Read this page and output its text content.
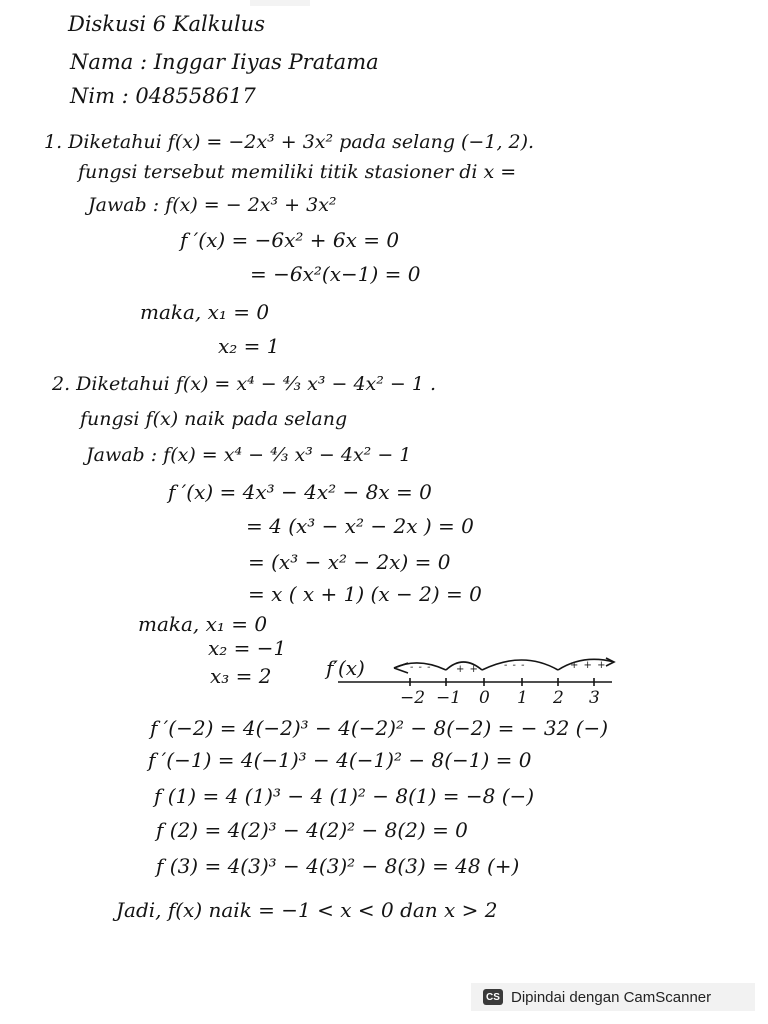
Diskusi 6 Kalkulus
Nama : Inggar Iiyas Pratama
Nim : 048558617
1. Diketahui f(x) = −2x³ + 3x² pada selang (−1, 2).
fungsi tersebut memiliki titik stasioner di x =
Jawab : f(x) = − 2x³ + 3x²
f ′(x) = −6x² + 6x = 0
= −6x²(x−1) = 0
maka, x₁ = 0
x₂ = 1
2. Diketahui f(x) = x⁴ − ⁴⁄₃ x³ − 4x² − 1 .
fungsi f(x) naik pada selang
Jawab : f(x) = x⁴ − ⁴⁄₃ x³ − 4x² − 1
f ′(x) = 4x³ − 4x² − 8x = 0
= 4 (x³ − x² − 2x ) = 0
= (x³ − x² − 2x) = 0
= x ( x + 1) (x − 2) = 0
maka, x₁ = 0
x₂ = −1
x₃ = 2	f′(x)	- - - + +	- - -	+ + +
−2 −1 0 1 2 3
f ′(−2) = 4(−2)³ − 4(−2)² − 8(−2) = − 32 (−)
f ′(−1) = 4(−1)³ − 4(−1)² − 8(−1) = 0
f (1) = 4 (1)³ − 4 (1)² − 8(1) = −8 (−)
f (2) = 4(2)³ − 4(2)² − 8(2) = 0
f (3) = 4(3)³ − 4(3)² − 8(3) = 48 (+)
Jadi, f(x) naik = −1 < x < 0 dan x > 2
CS Dipindai dengan CamScanner
